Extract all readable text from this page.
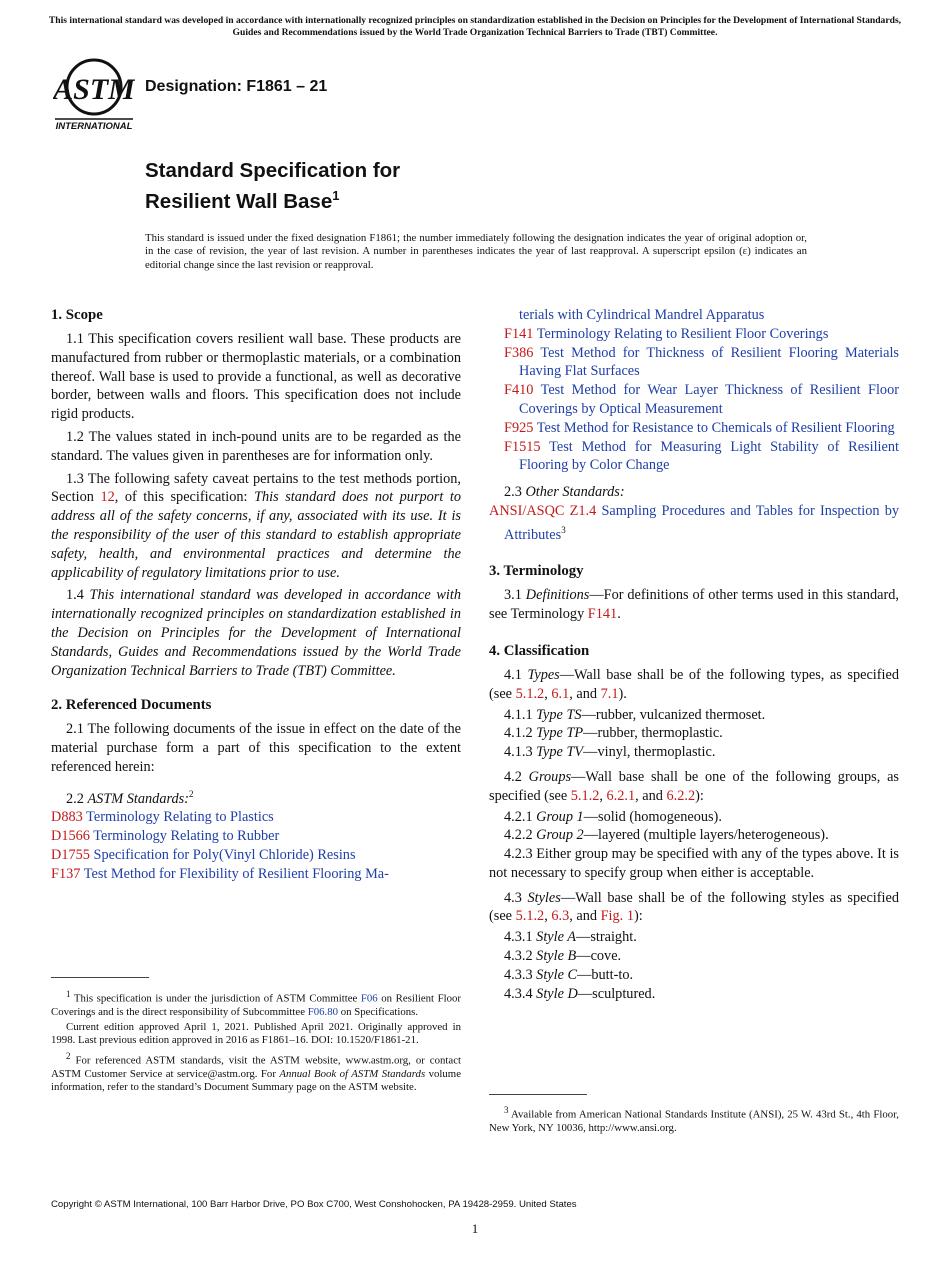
This international standard was developed in accordance with internationally recognized principles on standardization established in the Decision on Principles for the Development of International Standards, Guides and Recommendations issued by the World Trade Organization Technical Barriers to Trade (TBT) Committee.
ASTM
INTERNATIONAL
Designation: F1861 – 21
Standard Specification for
Resilient Wall Base$^1$
This standard is issued under the fixed designation F1861; the number immediately following the designation indicates the year of original adoption or, in the case of revision, the year of last revision. A number in parentheses indicates the year of last reapproval. A superscript epsilon (ε) indicates an editorial change since the last revision or reapproval.
1. Scope

1.1 This specification covers resilient wall base. These products are manufactured from rubber or thermoplastic materials, or a combination thereof. Wall base is used to provide a functional, as well as decorative border, between walls and floors. This specification does not include rigid products.

1.2 The values stated in inch-pound units are to be regarded as the standard. The values given in parentheses are for information only.

1.3 The following safety caveat pertains to the test methods portion, Section 12, of this specification: This standard does not purport to address all of the safety concerns, if any, associated with its use. It is the responsibility of the user of this standard to establish appropriate safety, health, and environmental practices and determine the applicability of regulatory limitations prior to use.

1.4 This international standard was developed in accordance with internationally recognized principles on standardization established in the Decision on Principles for the Development of International Standards, Guides and Recommendations issued by the World Trade Organization Technical Barriers to Trade (TBT) Committee.

2. Referenced Documents

2.1 The following documents of the issue in effect on the date of the material purchase form a part of this specification to the extent referenced herein:

2.2 ASTM Standards:$^2$

D883 Terminology Relating to Plastics

D1566 Terminology Relating to Rubber

D1755 Specification for Poly(Vinyl Chloride) Resins

F137 Test Method for Flexibility of Resilient Flooring Ma-

$^1$ This specification is under the jurisdiction of ASTM Committee F06 on Resilient Floor Coverings and is the direct responsibility of Subcommittee F06.80 on Specifications.

Current edition approved April 1, 2021. Published April 2021. Originally approved in 1998. Last previous edition approved in 2016 as F1861–16. DOI: 10.1520/F1861-21.

$^2$ For referenced ASTM standards, visit the ASTM website, www.astm.org, or contact ASTM Customer Service at service@astm.org. For Annual Book of ASTM Standards volume information, refer to the standard’s Document Summary page on the ASTM website.

terials with Cylindrical Mandrel Apparatus

F141 Terminology Relating to Resilient Floor Coverings

F386 Test Method for Thickness of Resilient Flooring Materials Having Flat Surfaces

F410 Test Method for Wear Layer Thickness of Resilient Floor Coverings by Optical Measurement

F925 Test Method for Resistance to Chemicals of Resilient Flooring

F1515 Test Method for Measuring Light Stability of Resilient Flooring by Color Change

2.3 Other Standards:

ANSI/ASQC Z1.4 Sampling Procedures and Tables for Inspection by Attributes$^3$

3. Terminology

3.1 Definitions—For definitions of other terms used in this standard, see Terminology F141.

4. Classification

4.1 Types—Wall base shall be of the following types, as specified (see 5.1.2, 6.1, and 7.1).

4.1.1 Type TS—rubber, vulcanized thermoset.

4.1.2 Type TP—rubber, thermoplastic.

4.1.3 Type TV—vinyl, thermoplastic.

4.2 Groups—Wall base shall be one of the following groups, as specified (see 5.1.2, 6.2.1, and 6.2.2):

4.2.1 Group 1—solid (homogeneous).

4.2.2 Group 2—layered (multiple layers/heterogeneous).

4.2.3 Either group may be specified with any of the types above. It is not necessary to specify group when either is acceptable.

4.3 Styles—Wall base shall be of the following styles as specified (see 5.1.2, 6.3, and Fig. 1):

4.3.1 Style A—straight.

4.3.2 Style B—cove.

4.3.3 Style C—butt-to.

4.3.4 Style D—sculptured.

$^3$ Available from American National Standards Institute (ANSI), 25 W. 43rd St., 4th Floor, New York, NY 10036, http://www.ansi.org.

Copyright © ASTM International, 100 Barr Harbor Drive, PO Box C700, West Conshohocken, PA 19428-2959. United States
1
